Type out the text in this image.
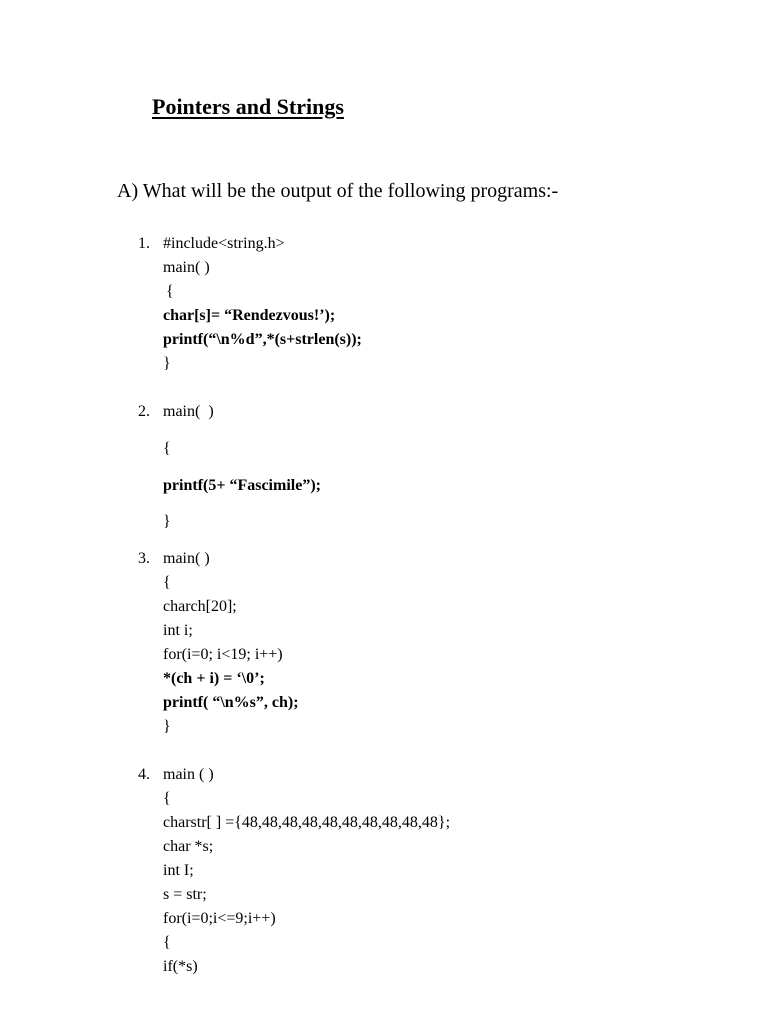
Pointers and Strings
A) What will be the output of the following programs:-
1. #include<string.h>
main( )
{
char[s]= “Rendezvous!’);
printf(“\n%d”,*(s+strlen(s));
}
2. main(  )
{
printf(5+ “Fascimile”);
}
3. main( )
{
charch[20];
int i;
for(i=0; i<19; i++)
*(ch + i) = ‘\0’;
printf( “\n%s”, ch);
}
4. main ( )
{
charstr[ ] ={48,48,48,48,48,48,48,48,48,48};
char *s;
int I;
s = str;
for(i=0;i<=9;i++)
{
if(*s)
